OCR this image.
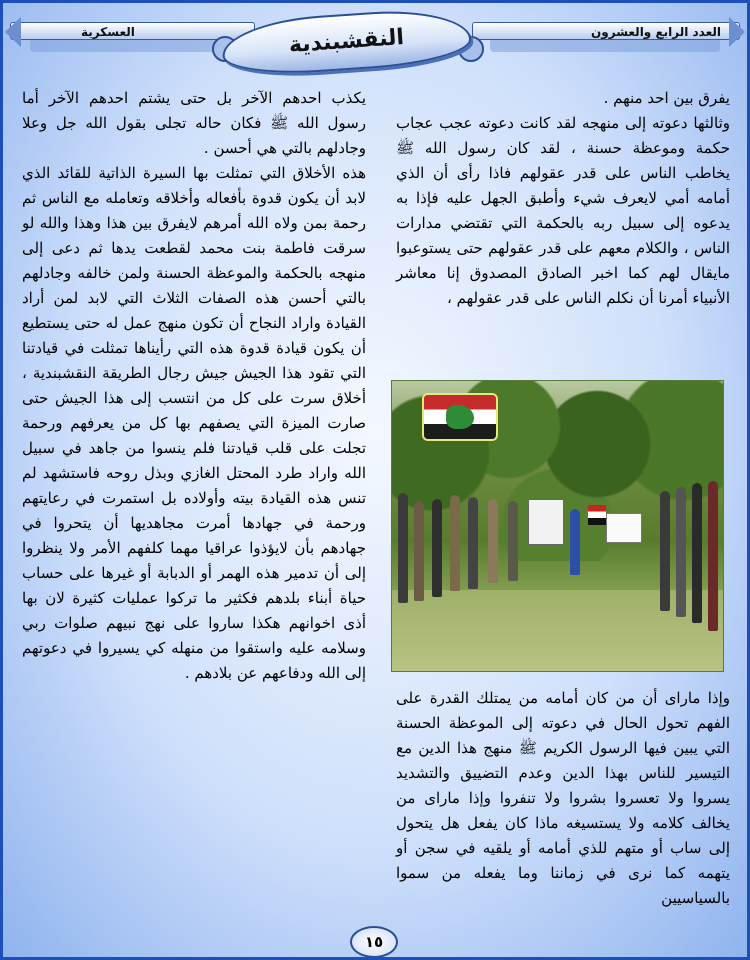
العسكرية	العدد الرابع والعشرون
النقشبندية

يفرق بين احد منهم .

وثالثها دعوته إلى منهجه لقد كانت دعوته عجب عجاب حكمة وموعظة حسنة ، لقد كان رسول الله ﷺ يخاطب الناس على قدر عقولهم فاذا رأى أن الذي أمامه أمي لايعرف شيء وأطبق الجهل عليه فإذا به يدعوه إلى سبيل ربه بالحكمة التي تقتضي مدارات الناس ، والكلام معهم على قدر عقولهم حتى يستوعبوا مايقال لهم كما اخبر الصادق المصدوق إنا معاشر الأنبياء أمرنا أن نكلم الناس على قدر عقولهم ،

وإذا ماراى أن من كان أمامه من يمتلك القدرة على الفهم تحول الحال في دعوته إلى الموعظة الحسنة التي يبين فيها الرسول الكريم ﷺ منهج هذا الدين مع التيسير للناس بهذا الدين وعدم التضييق والتشديد يسروا ولا تعسروا بشروا ولا تنفروا وإذا ماراى من يخالف كلامه ولا يستسيغه ماذا كان يفعل هل يتحول إلى ساب أو متهم للذي أمامه أو يلقيه في سجن أو يتهمه كما نرى في زماننا وما يفعله من سموا بالسياسيين

يكذب احدهم الآخر بل حتى يشتم احدهم الآخر أما رسول الله ﷺ فكان حاله تجلى بقول الله جل وعلا وجادلهم بالتي هي أحسن .

هذه الأخلاق التي تمثلت بها السيرة الذاتية للقائد الذي لابد أن يكون قدوة بأفعاله وأخلاقه وتعامله مع الناس ثم رحمة بمن ولاه الله أمرهم لايفرق بين هذا وهذا والله لو سرقت فاطمة بنت محمد لقطعت يدها ثم دعى إلى منهجه بالحكمة والموعظة الحسنة ولمن خالفه وجادلهم بالتي أحسن هذه الصفات الثلاث التي لابد لمن أراد القيادة واراد النجاح أن تكون منهج عمل له حتى يستطيع أن يكون قيادة قدوة هذه التي رأيناها تمثلت في قيادتنا التي تقود هذا الجيش جيش رجال الطريقة النقشبندية ، أخلاق سرت على كل من انتسب إلى هذا الجيش حتى صارت الميزة التي يصفهم بها كل من يعرفهم ورحمة تجلت على قلب قيادتنا فلم ينسوا من جاهد في سبيل الله واراد طرد المحتل الغازي وبذل روحه فاستشهد لم تنس هذه القيادة بيته وأولاده بل استمرت في رعايتهم ورحمة في جهادها أمرت مجاهديها أن يتحروا في جهادهم بأن لايؤذوا عراقيا مهما كلفهم الأمر ولا ينظروا إلى أن تدمير هذه الهمر أو الدبابة أو غيرها على حساب حياة أبناء بلدهم فكثير ما تركوا عمليات كثيرة لان بها أذى اخوانهم هكذا ساروا على نهج نبيهم صلوات ربي وسلامه عليه واستقوا من منهله كي يسيروا في دعوتهم إلى الله ودفاعهم عن بلادهم .

١٥
